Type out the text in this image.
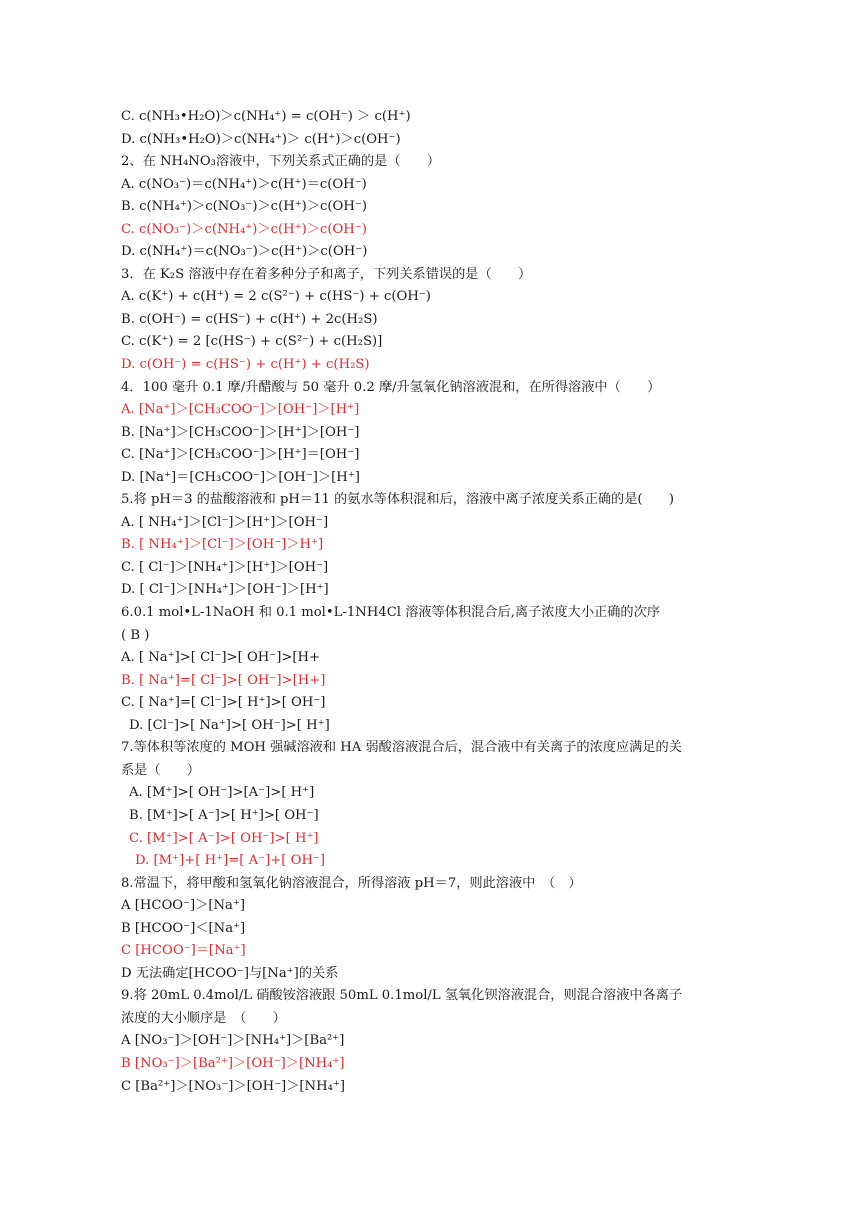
C. c(NH₃•H₂O)＞c(NH₄⁺) = c(OH⁻) ＞ c(H⁺)
D. c(NH₃•H₂O)＞c(NH₄⁺)＞ c(H⁺)＞c(OH⁻)
2、在 NH₄NO₃溶液中，下列关系式正确的是（　　）
A. c(NO₃⁻)＝c(NH₄⁺)＞c(H⁺)＝c(OH⁻)
B. c(NH₄⁺)＞c(NO₃⁻)＞c(H⁺)＞c(OH⁻)
C. c(NO₃⁻)＞c(NH₄⁺)＞c(H⁺)＞c(OH⁻)
D. c(NH₄⁺)＝c(NO₃⁻)＞c(H⁺)＞c(OH⁻)
3．在 K₂S 溶液中存在着多种分子和离子，下列关系错误的是（　　）
A. c(K⁺) + c(H⁺) = 2 c(S²⁻) + c(HS⁻) + c(OH⁻)
B. c(OH⁻) = c(HS⁻) + c(H⁺) + 2c(H₂S)
C. c(K⁺) = 2 [c(HS⁻) + c(S²⁻) + c(H₂S)]
D. c(OH⁻) = c(HS⁻) + c(H⁺) + c(H₂S)
4．100 毫升 0.1 摩/升醋酸与 50 毫升 0.2 摩/升氢氧化钠溶液混和，在所得溶液中（　　）
A. [Na⁺]＞[CH₃COO⁻]＞[OH⁻]＞[H⁺]
B. [Na⁺]＞[CH₃COO⁻]＞[H⁺]＞[OH⁻]
C. [Na⁺]＞[CH₃COO⁻]＞[H⁺]＝[OH⁻]
D. [Na⁺]＝[CH₃COO⁻]＞[OH⁻]＞[H⁺]
5.将 pH＝3 的盐酸溶液和 pH＝11 的氨水等体积混和后，溶液中离子浓度关系正确的是(　　)
A. [ NH₄⁺]＞[Cl⁻]＞[H⁺]＞[OH⁻]
B. [ NH₄⁺]＞[Cl⁻]＞[OH⁻]＞H⁺]
C. [ Cl⁻]＞[NH₄⁺]＞[H⁺]＞[OH⁻]
D. [ Cl⁻]＞[NH₄⁺]＞[OH⁻]＞[H⁺]
6.0.1 mol•L-1NaOH 和 0.1 mol•L-1NH4Cl 溶液等体积混合后,离子浓度大小正确的次序
( B )
A. [ Na⁺]>[ Cl⁻]>[ OH⁻]>[H+
B. [ Na⁺]=[ Cl⁻]>[ OH⁻]>[H+]
C. [ Na⁺]=[ Cl⁻]>[ H⁺]>[ OH⁻]
D. [Cl⁻]>[ Na⁺]>[ OH⁻]>[ H⁺]
7.等体积等浓度的 MOH 强碱溶液和 HA 弱酸溶液混合后，混合液中有关离子的浓度应满足的关
系是（　　）
A. [M⁺]>[ OH⁻]>[A⁻]>[ H⁺]
B. [M⁺]>[ A⁻]>[ H⁺]>[ OH⁻]
C. [M⁺]>[ A⁻]>[ OH⁻]>[ H⁺]
D. [M⁺]+[ H⁺]=[ A⁻]+[ OH⁻]
8.常温下，将甲酸和氢氧化钠溶液混合，所得溶液 pH＝7，则此溶液中　（　）
A [HCOO⁻]＞[Na⁺]
B [HCOO⁻]＜[Na⁺]
C [HCOO⁻]＝[Na⁺]
D 无法确定[HCOO⁻]与[Na⁺]的关系
9.将 20mL 0.4mol/L 硝酸铵溶液跟 50mL 0.1mol/L 氢氧化钡溶液混合，则混合溶液中各离子
浓度的大小顺序是　（　　）
A [NO₃⁻]＞[OH⁻]＞[NH₄⁺]＞[Ba²⁺]
B [NO₃⁻]＞[Ba²⁺]＞[OH⁻]＞[NH₄⁺]
C [Ba²⁺]＞[NO₃⁻]＞[OH⁻]＞[NH₄⁺]
